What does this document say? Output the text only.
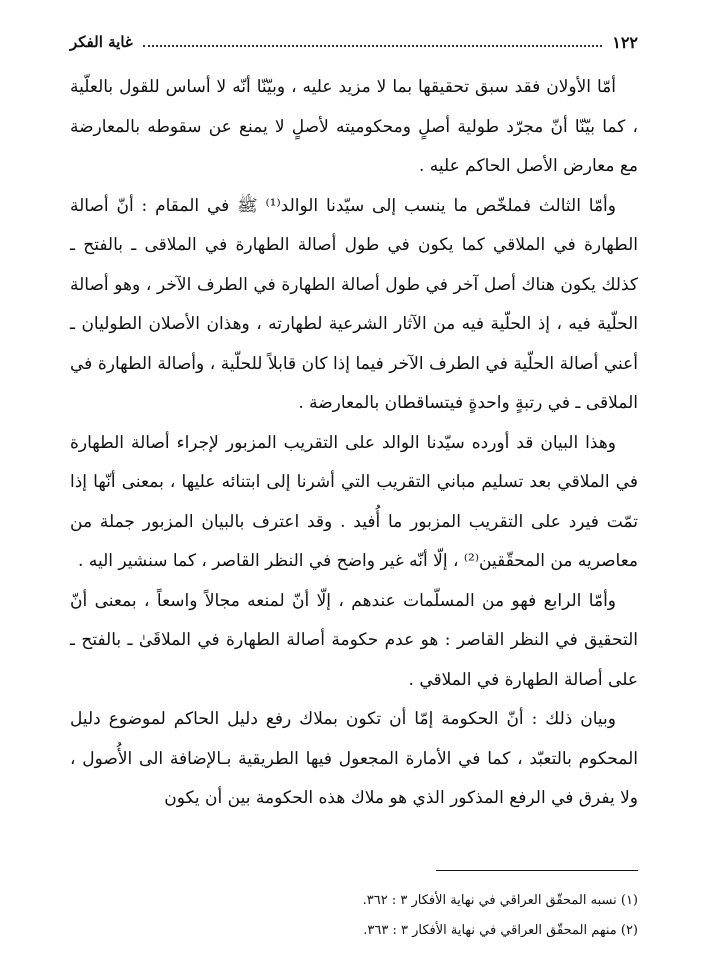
١٢٢
غاية الفكر

أمّا الأولان فقد سبق تحقيقها بما لا مزيد عليه ، وبيّنّا أنّه لا أساس للقول بالعلّية ، كما بيّنّا أنّ مجرّد طولية أصلٍ ومحكوميته لأصلٍ لا يمنع عن سقوطه بالمعارضة مع معارض الأصل الحاكم عليه .

وأمّا الثالث فملخّص ما ينسب إلى سيّدنا الوالد⁽¹⁾ ﷺ في المقام : أنّ أصالة الطهارة في الملاقي كما يكون في طول أصالة الطهارة في الملاقى ـ بالفتح ـ كذلك يكون هناك أصل آخر في طول أصالة الطهارة في الطرف الآخر ، وهو أصالة الحلّية فيه ، إذ الحلّية فيه من الآثار الشرعية لطهارته ، وهذان الأصلان الطوليان ـ أعني أصالة الحلّية في الطرف الآخر فيما إذا كان قابلاً للحلّية ، وأصالة الطهارة في الملاقى ـ في رتبةٍ واحدةٍ فيتساقطان بالمعارضة .

وهذا البيان قد أورده سيّدنا الوالد على التقريب المزبور لإجراء أصالة الطهارة في الملاقي بعد تسليم مباني التقريب التي أشرنا إلى ابتنائه عليها ، بمعنى أنّها إذا تمّت فيرد على التقريب المزبور ما أُفيد . وقد اعترف بالبيان المزبور جملة من معاصريه من المحقّقين⁽²⁾ ، إلّا أنّه غير واضح في النظر القاصر ، كما سنشير اليه .

وأمّا الرابع فهو من المسلّمات عندهم ، إلّا أنّ لمنعه مجالاً واسعاً ، بمعنى أنّ التحقيق في النظر القاصر : هو عدم حكومة أصالة الطهارة في الملاقَىٰ ـ بالفتح ـ على أصالة الطهارة في الملاقي .

وبيان ذلك : أنّ الحكومة إمّا أن تكون بملاك رفع دليل الحاكم لموضوع دليل المحكوم بالتعبّد ، كما في الأمارة المجعول فيها الطريقية بـالإضافة الى الأُصول ، ولا يفرق في الرفع المذكور الذي هو ملاك هذه الحكومة بين أن يكون

(١) نسبه المحقّق العراقي في نهاية الأفكار ٣ : ٣٦٢.
(٢) منهم المحقّق العراقي في نهاية الأفكار ٣ : ٣٦٣.
